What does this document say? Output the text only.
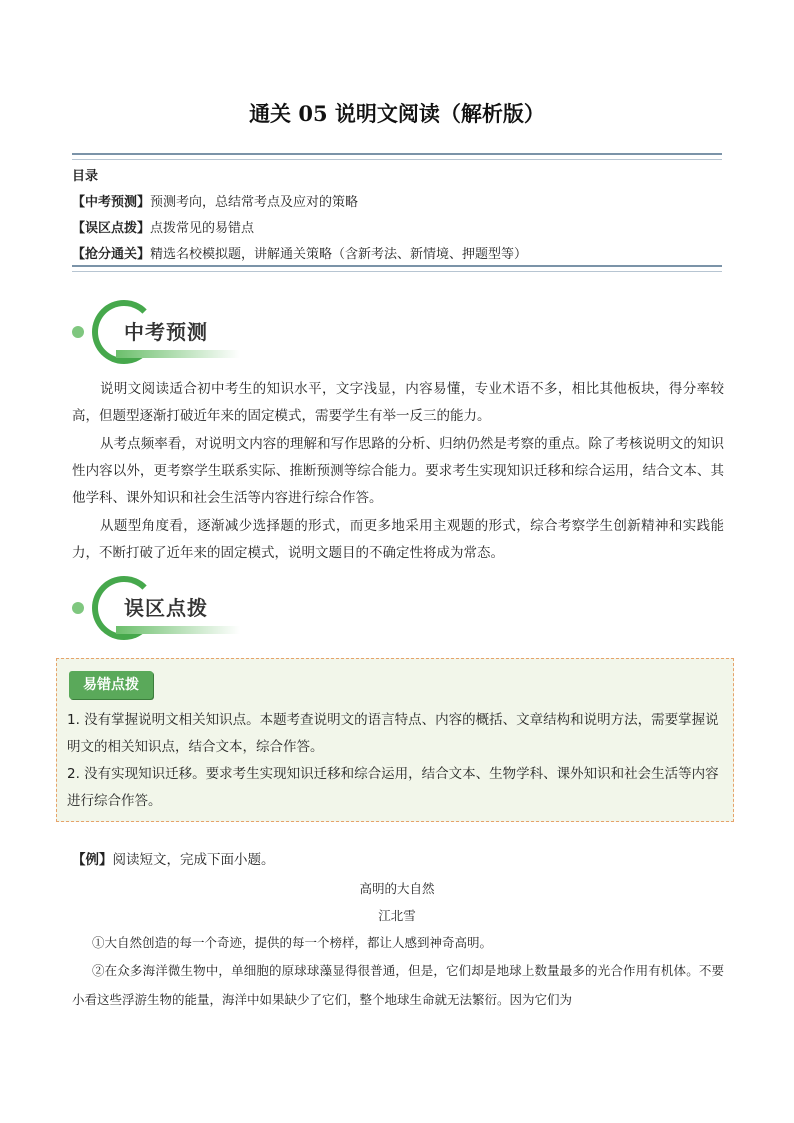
通关 05 说明文阅读（解析版）
目录
【中考预测】预测考向，总结常考点及应对的策略
【误区点拨】点拨常见的易错点
【抢分通关】精选名校模拟题，讲解通关策略（含新考法、新情境、押题型等）
中考预测

说明文阅读适合初中考生的知识水平，文字浅显，内容易懂，专业术语不多，相比其他板块，得分率较高，但题型逐渐打破近年来的固定模式，需要学生有举一反三的能力。

从考点频率看，对说明文内容的理解和写作思路的分析、归纳仍然是考察的重点。除了考核说明文的知识性内容以外，更考察学生联系实际、推断预测等综合能力。要求考生实现知识迁移和综合运用，结合文本、其他学科、课外知识和社会生活等内容进行综合作答。

从题型角度看，逐渐减少选择题的形式，而更多地采用主观题的形式，综合考察学生创新精神和实践能力，不断打破了近年来的固定模式，说明文题目的不确定性将成为常态。

误区点拨
易错点拨
1. 没有掌握说明文相关知识点。本题考查说明文的语言特点、内容的概括、文章结构和说明方法，需要掌握说明文的相关知识点，结合文本，综合作答。
2. 没有实现知识迁移。要求考生实现知识迁移和综合运用，结合文本、生物学科、课外知识和社会生活等内容进行综合作答。
【例】阅读短文，完成下面小题。
高明的大自然
江北雪

①大自然创造的每一个奇迹，提供的每一个榜样，都让人感到神奇高明。

②在众多海洋微生物中，单细胞的原球球藻显得很普通，但是，它们却是地球上数量最多的光合作用有机体。不要小看这些浮游生物的能量，海洋中如果缺少了它们，整个地球生命就无法繁衍。因为它们为
